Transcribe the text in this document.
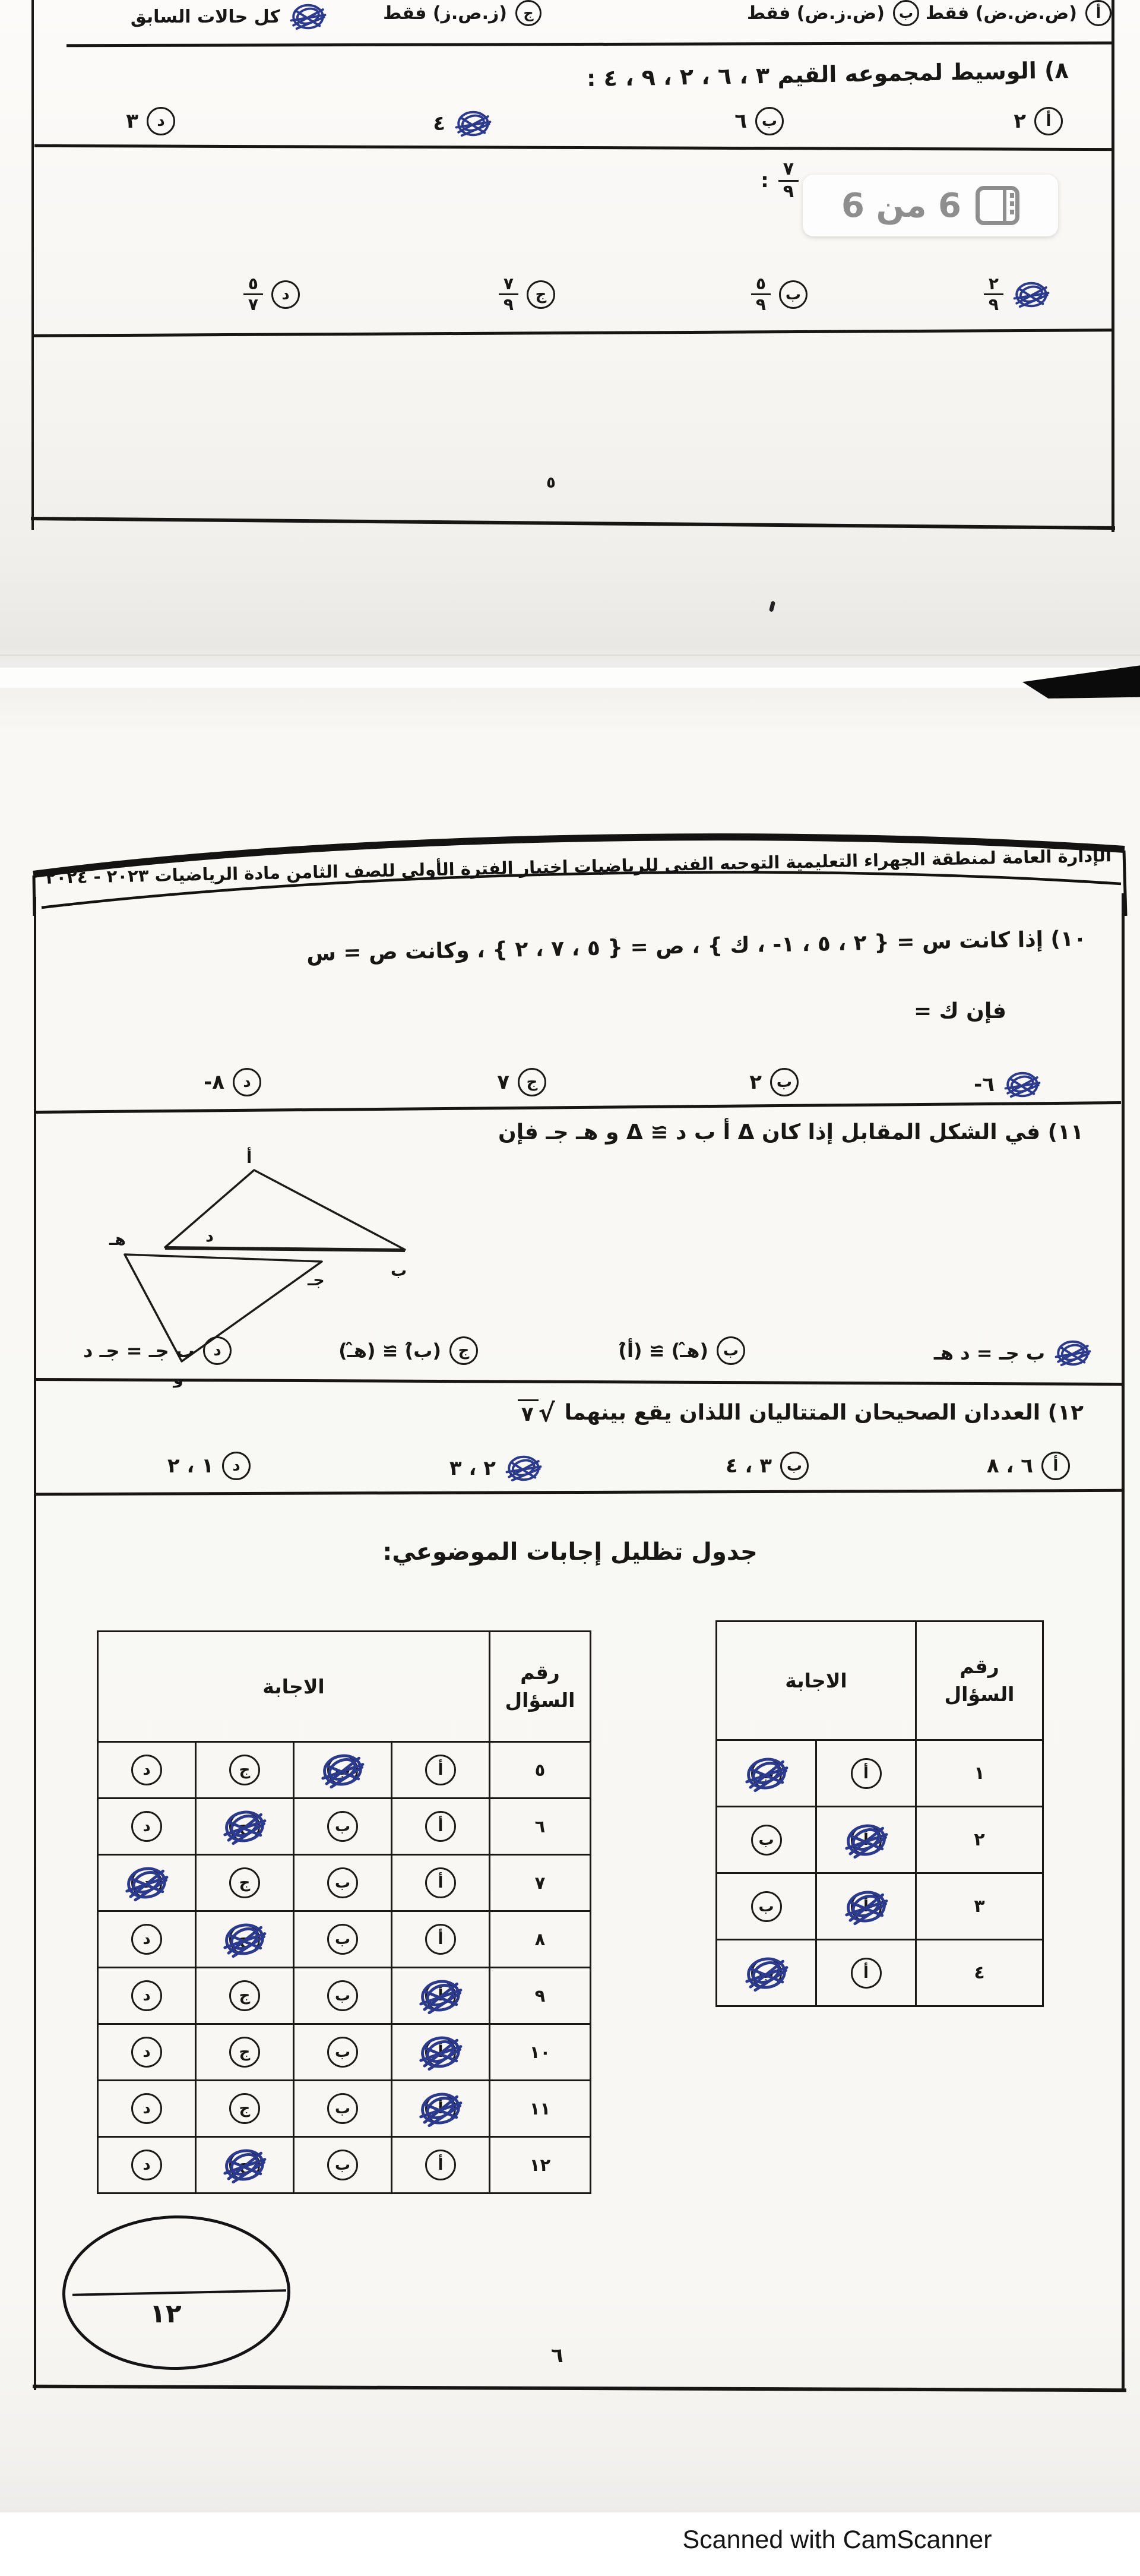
أ
(ض.ض.ض) فقط
ب
(ض.ز.ض) فقط
ج
(ز.ص.ز) فقط
كل حالات السابق
٨) الوسيط لمجموعه القيم ٣ ، ٦ ، ٢ ، ٩ ، ٤ :
أ
٢
ب
٦
٤
د
٣
$\frac{٧}{٩}$
:
$\frac{٢}{٩}$
ب
$\frac{٥}{٩}$
ج
$\frac{٧}{٩}$
د
$\frac{٥}{٧}$
٥
6 من 6
الإدارة العامة لمنطقة الجهراء التعليمية التوجيه الفنى للرياضيات اختبار الفترة الأولى للصف الثامن مادة الرياضيات ٢٠٢٣ - ٢٠٢٤
١٠) إذا كانت س = { ٢ ، ٥ ، ١- ، ك } ، ص = { ٥ ، ٧ ، ٢ } ، وكانت ص = س
فإن ك =
٦-
ب
٢
ج
٧
د
٨-
١١) في الشكل المقابل إذا كان Δ أ ب د ≅ Δ و هـ جـ فإن
أ
د
هـ
ب
جـ
و
ب جـ = د هـ
ب
(ه̂ـ) ≅ (أ̂)
ج
(ب̂) ≅ (ه̂ـ)
د
ب جـ = جـ د
١٢) العددان الصحيحان المتتاليان اللذان يقع بينهما
√
٧
أ
٦ ، ٨
ب
٣ ، ٤
٢ ، ٣
د
١ ، ٢
جدول تظليل إجابات الموضوعي:
رقم السؤال	الاجابة	
١	أ	ب

٢	أ	ب

٣	أ	ب

٤	أ	ب
رقم السؤال	الاجابة			
٥	أ	ب	ج	د

٦	أ	ب	ج	د

٧	أ	ب	ج	د

٨	أ	ب	ج	د

٩	أ	ب	ج	د

١٠	أ	ب	ج	د

١١	أ	ب	ج	د

١٢	أ	ب	ج	د
١٢
٦
Scanned with CamScanner
